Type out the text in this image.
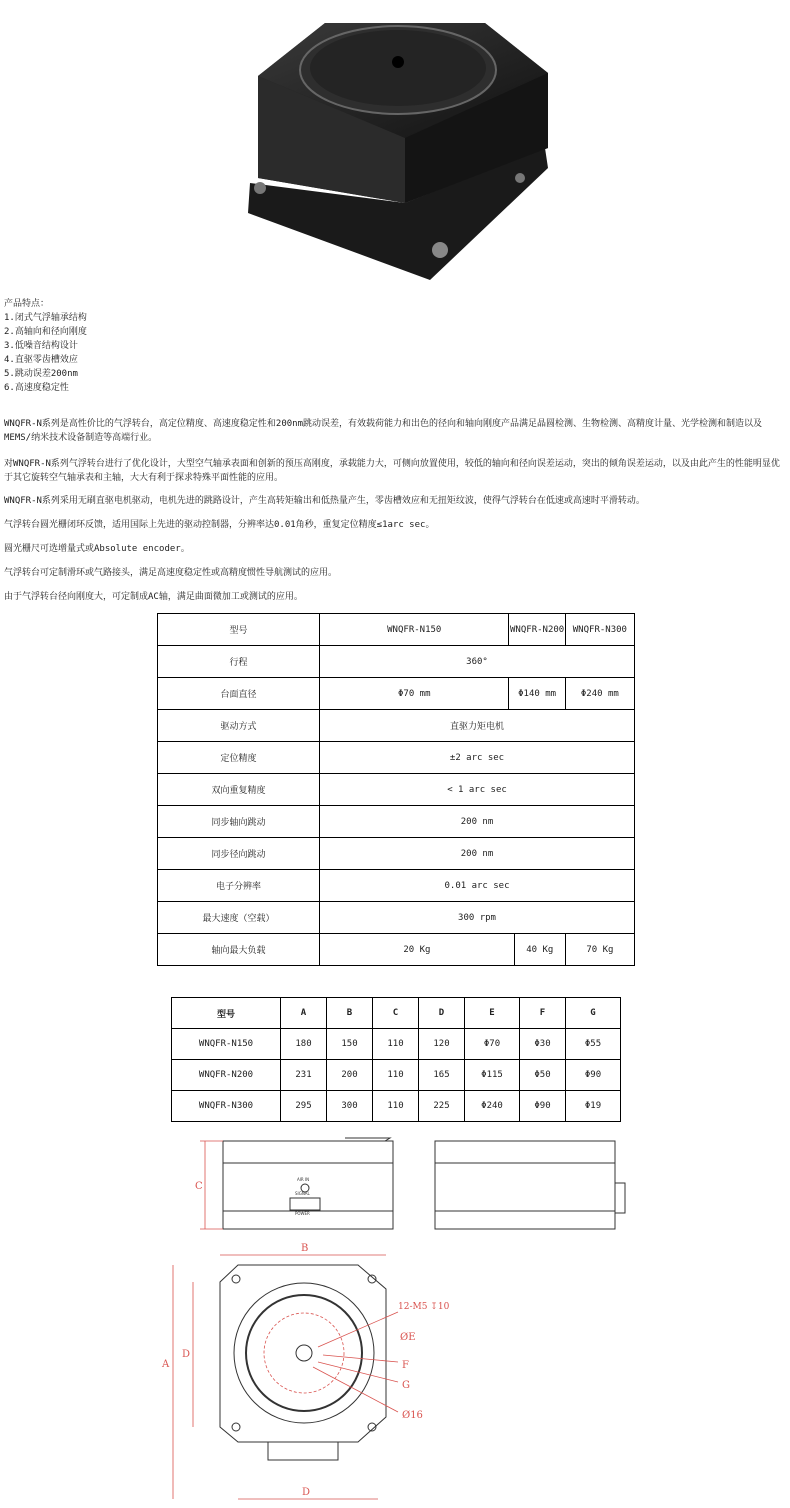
产品特点：
1.闭式气浮轴承结构
2.高轴向和径向刚度
3.低噪音结构设计
4.直驱零齿槽效应
5.跳动误差200nm
6.高速度稳定性
WNQFR-N系列是高性价比的气浮转台，高定位精度、高速度稳定性和200nm跳动误差，有效载荷能力和出色的径向和轴向刚度产品满足晶圆检测、生物检测、高精度计量、光学检测和制造以及MEMS/纳米技术设备制造等高端行业。
对WNQFR-N系列气浮转台进行了优化设计，大型空气轴承表面和创新的预压高刚度，承载能力大，可侧向放置使用，较低的轴向和径向误差运动，突出的倾角误差运动，以及由此产生的性能明显优于其它旋转空气轴承表和主轴，大大有利于探求特殊平面性能的应用。
WNQFR-N系列采用无刷直驱电机驱动，电机先进的跳路设计，产生高转矩输出和低热量产生，零齿槽效应和无扭矩纹波，使得气浮转台在低速或高速时平滑转动。
气浮转台圆光栅闭环反馈，适用国际上先进的驱动控制器，分辨率达0.01角秒，重复定位精度≤1arc sec。
圆光栅尺可选增量式或Absolute encoder。
气浮转台可定制滑环或气路接头，满足高速度稳定性或高精度惯性导航测试的应用。
由于气浮转台径向刚度大，可定制成AC轴，满足曲面微加工或测试的应用。
型号	WNQFR-N150	WNQFR-N200		WNQFR-N300
行程	360°			
台面直径	Φ70 mm	Φ140 mm		Φ240 mm
驱动方式	直驱力矩电机			
定位精度	±2 arc sec			
双向重复精度	< 1 arc sec			
同步轴向跳动	200 nm			
同步径向跳动	200 nm			
电子分辨率	0.01 arc sec			
最大速度（空载）	300 rpm			
轴向最大负载	20 Kg		40 Kg	70 Kg
型号	A	B	C	D	E	F	G
WNQFR-N150	180	150	110	120	Φ70	Φ30	Φ55
WNQFR-N200	231	200	110	165	Φ115	Φ50	Φ90
WNQFR-N300	295	300	110	225	Φ240	Φ90	Φ19
C
AIR IN
SIGNAL
POWER
B
A
D
12-M5 ↧10
ØE
F
G
Ø16
D
